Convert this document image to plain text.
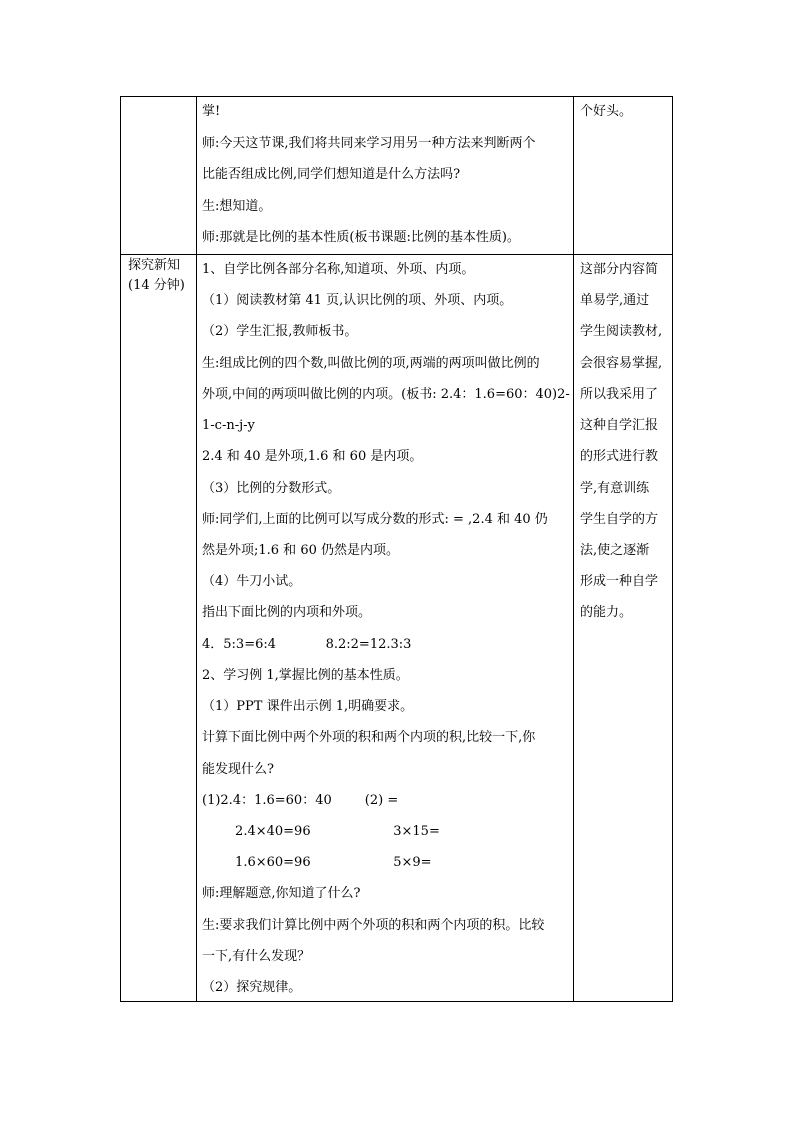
掌!
师:今天这节课,我们将共同来学习用另一种方法来判断两个
比能否组成比例,同学们想知道是什么方法吗?
生:想知道。
师:那就是比例的基本性质(板书课题:比例的基本性质)。
个好头。
探究新知
(14 分钟)
1、自学比例各部分名称,知道项、外项、内项。
（1）阅读教材第 41 页,认识比例的项、外项、内项。
（2）学生汇报,教师板书。
生:组成比例的四个数,叫做比例的项,两端的两项叫做比例的
外项,中间的两项叫做比例的内项。(板书: 2.4：1.6=60：40)2-
1-c-n-j-y
2.4 和 40 是外项,1.6 和 60 是内项。
（3）比例的分数形式。
师:同学们,上面的比例可以写成分数的形式: = ,2.4 和 40 仍
然是外项;1.6 和 60 仍然是内项。
（4）牛刀小试。
指出下面比例的内项和外项。
4．5:3=6:4            8.2:2=12.3:3
2、学习例 1,掌握比例的基本性质。
（1）PPT 课件出示例 1,明确要求。
计算下面比例中两个外项的积和两个内项的积,比较一下,你
能发现什么?
(1)2.4：1.6=60：40        (2) =
2.4×40=96                    3×15=
1.6×60=96                    5×9=
师:理解题意,你知道了什么?
生:要求我们计算比例中两个外项的积和两个内项的积。比较
一下,有什么发现？
（2）探究规律。
这部分内容简
单易学,通过
学生阅读教材,
会很容易掌握,
所以我采用了
这种自学汇报
的形式进行教
学,有意训练
学生自学的方
法,使之逐渐
形成一种自学
的能力。
